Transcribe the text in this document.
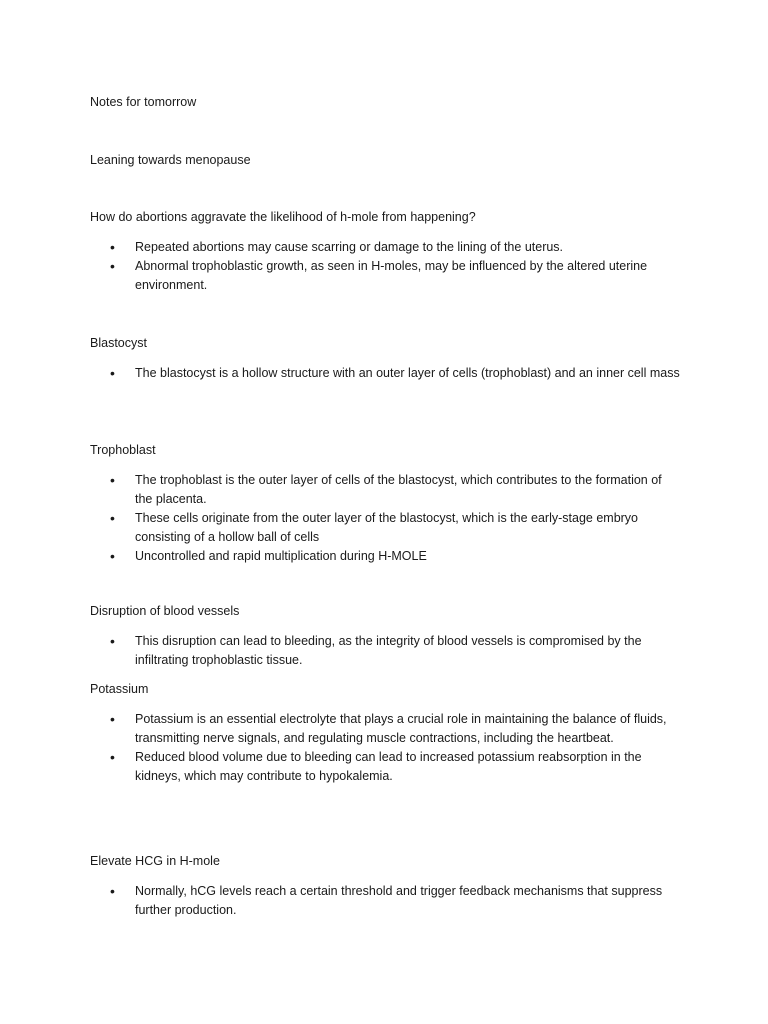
Notes for tomorrow

Leaning towards menopause

How do abortions aggravate the likelihood of h-mole from happening?

• Repeated abortions may cause scarring or damage to the lining of the uterus.
• Abnormal trophoblastic growth, as seen in H-moles, may be influenced by the altered uterine environment.

Blastocyst

• The blastocyst is a hollow structure with an outer layer of cells (trophoblast) and an inner cell mass

Trophoblast

• The trophoblast is the outer layer of cells of the blastocyst, which contributes to the formation of the placenta.
• These cells originate from the outer layer of the blastocyst, which is the early-stage embryo consisting of a hollow ball of cells
• Uncontrolled and rapid multiplication during H-MOLE

Disruption of blood vessels

• This disruption can lead to bleeding, as the integrity of blood vessels is compromised by the infiltrating trophoblastic tissue.

Potassium

• Potassium is an essential electrolyte that plays a crucial role in maintaining the balance of fluids, transmitting nerve signals, and regulating muscle contractions, including the heartbeat.
• Reduced blood volume due to bleeding can lead to increased potassium reabsorption in the kidneys, which may contribute to hypokalemia.

Elevate HCG in H-mole

• Normally, hCG levels reach a certain threshold and trigger feedback mechanisms that suppress further production.
